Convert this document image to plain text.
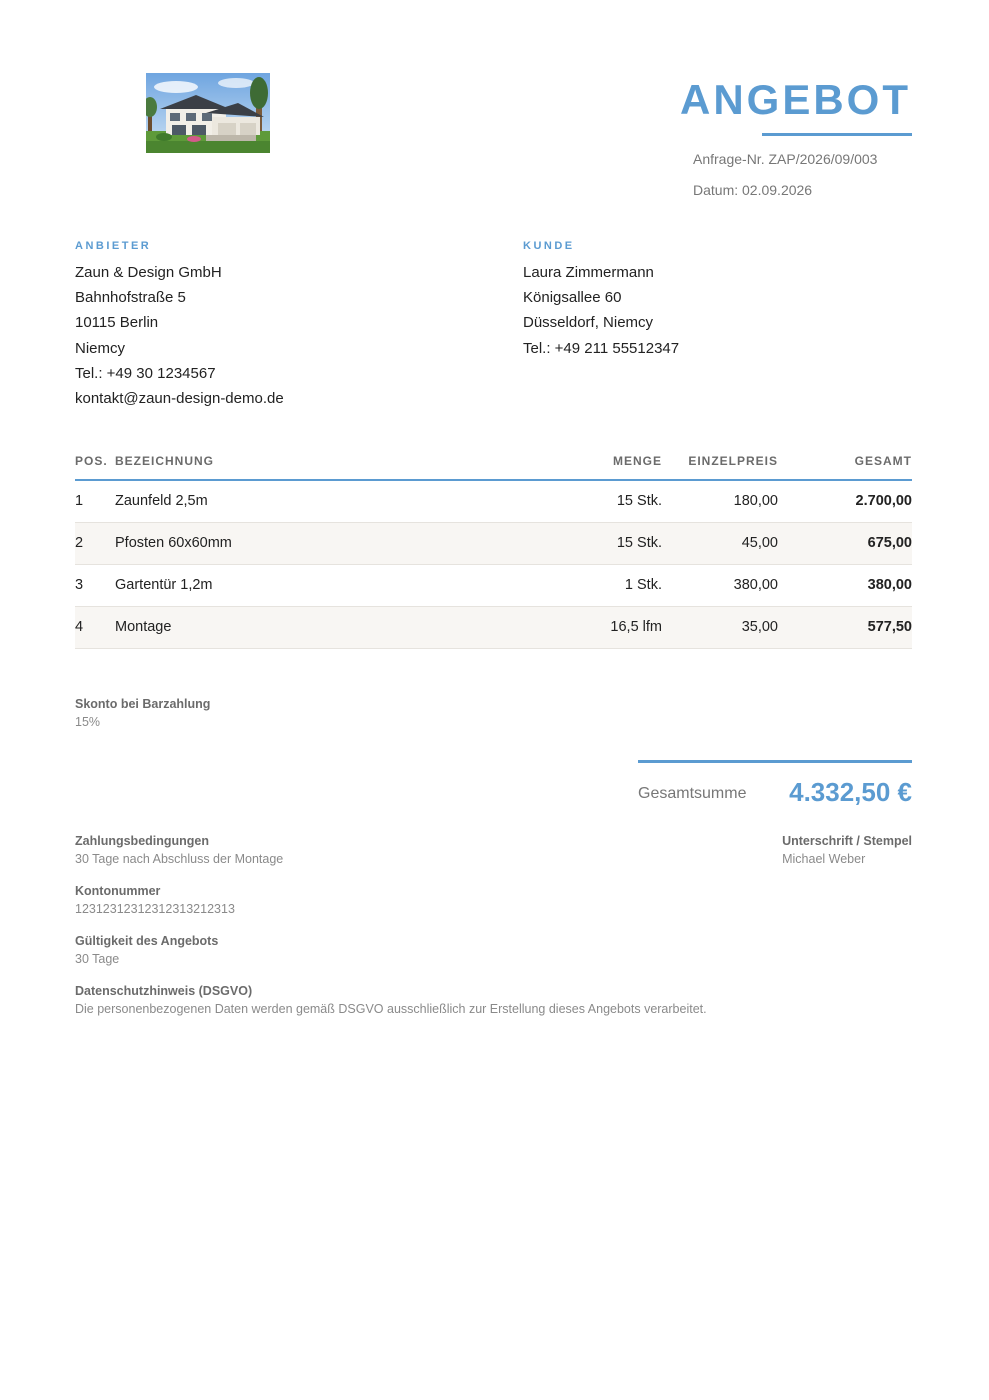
ANGEBOT
Anfrage-Nr. ZAP/2026/09/003
Datum: 02.09.2026
ANBIETER
Zaun & Design GmbH
Bahnhofstraße 5
10115 Berlin
Niemcy
Tel.: +49 30 1234567
kontakt@zaun-design-demo.de
KUNDE
Laura Zimmermann
Königsallee 60
Düsseldorf, Niemcy
Tel.: +49 211 55512347
POS. BEZEICHNUNG	MENGE EINZELPREIS	GESAMT
1 Zaunfeld 2,5m	15 Stk.	180,00	2.700,00
2 Pfosten 60x60mm	15 Stk.	45,00	675,00
3 Gartentür 1,2m	1 Stk.	380,00	380,00
4 Montage	16,5 lfm	35,00	577,50
Skonto bei Barzahlung
15%
Gesamtsumme 4.332,50 €
Zahlungsbedingungen
30 Tage nach Abschluss der Montage
Kontonummer
1231231231231231321231​3
Gültigkeit des Angebots
30 Tage
Datenschutzhinweis (DSGVO)
Die personenbezogenen Daten werden gemäß DSGVO ausschließlich zur Erstellung dieses Angebots verarbeitet.
Unterschrift / Stempel
Michael Weber
